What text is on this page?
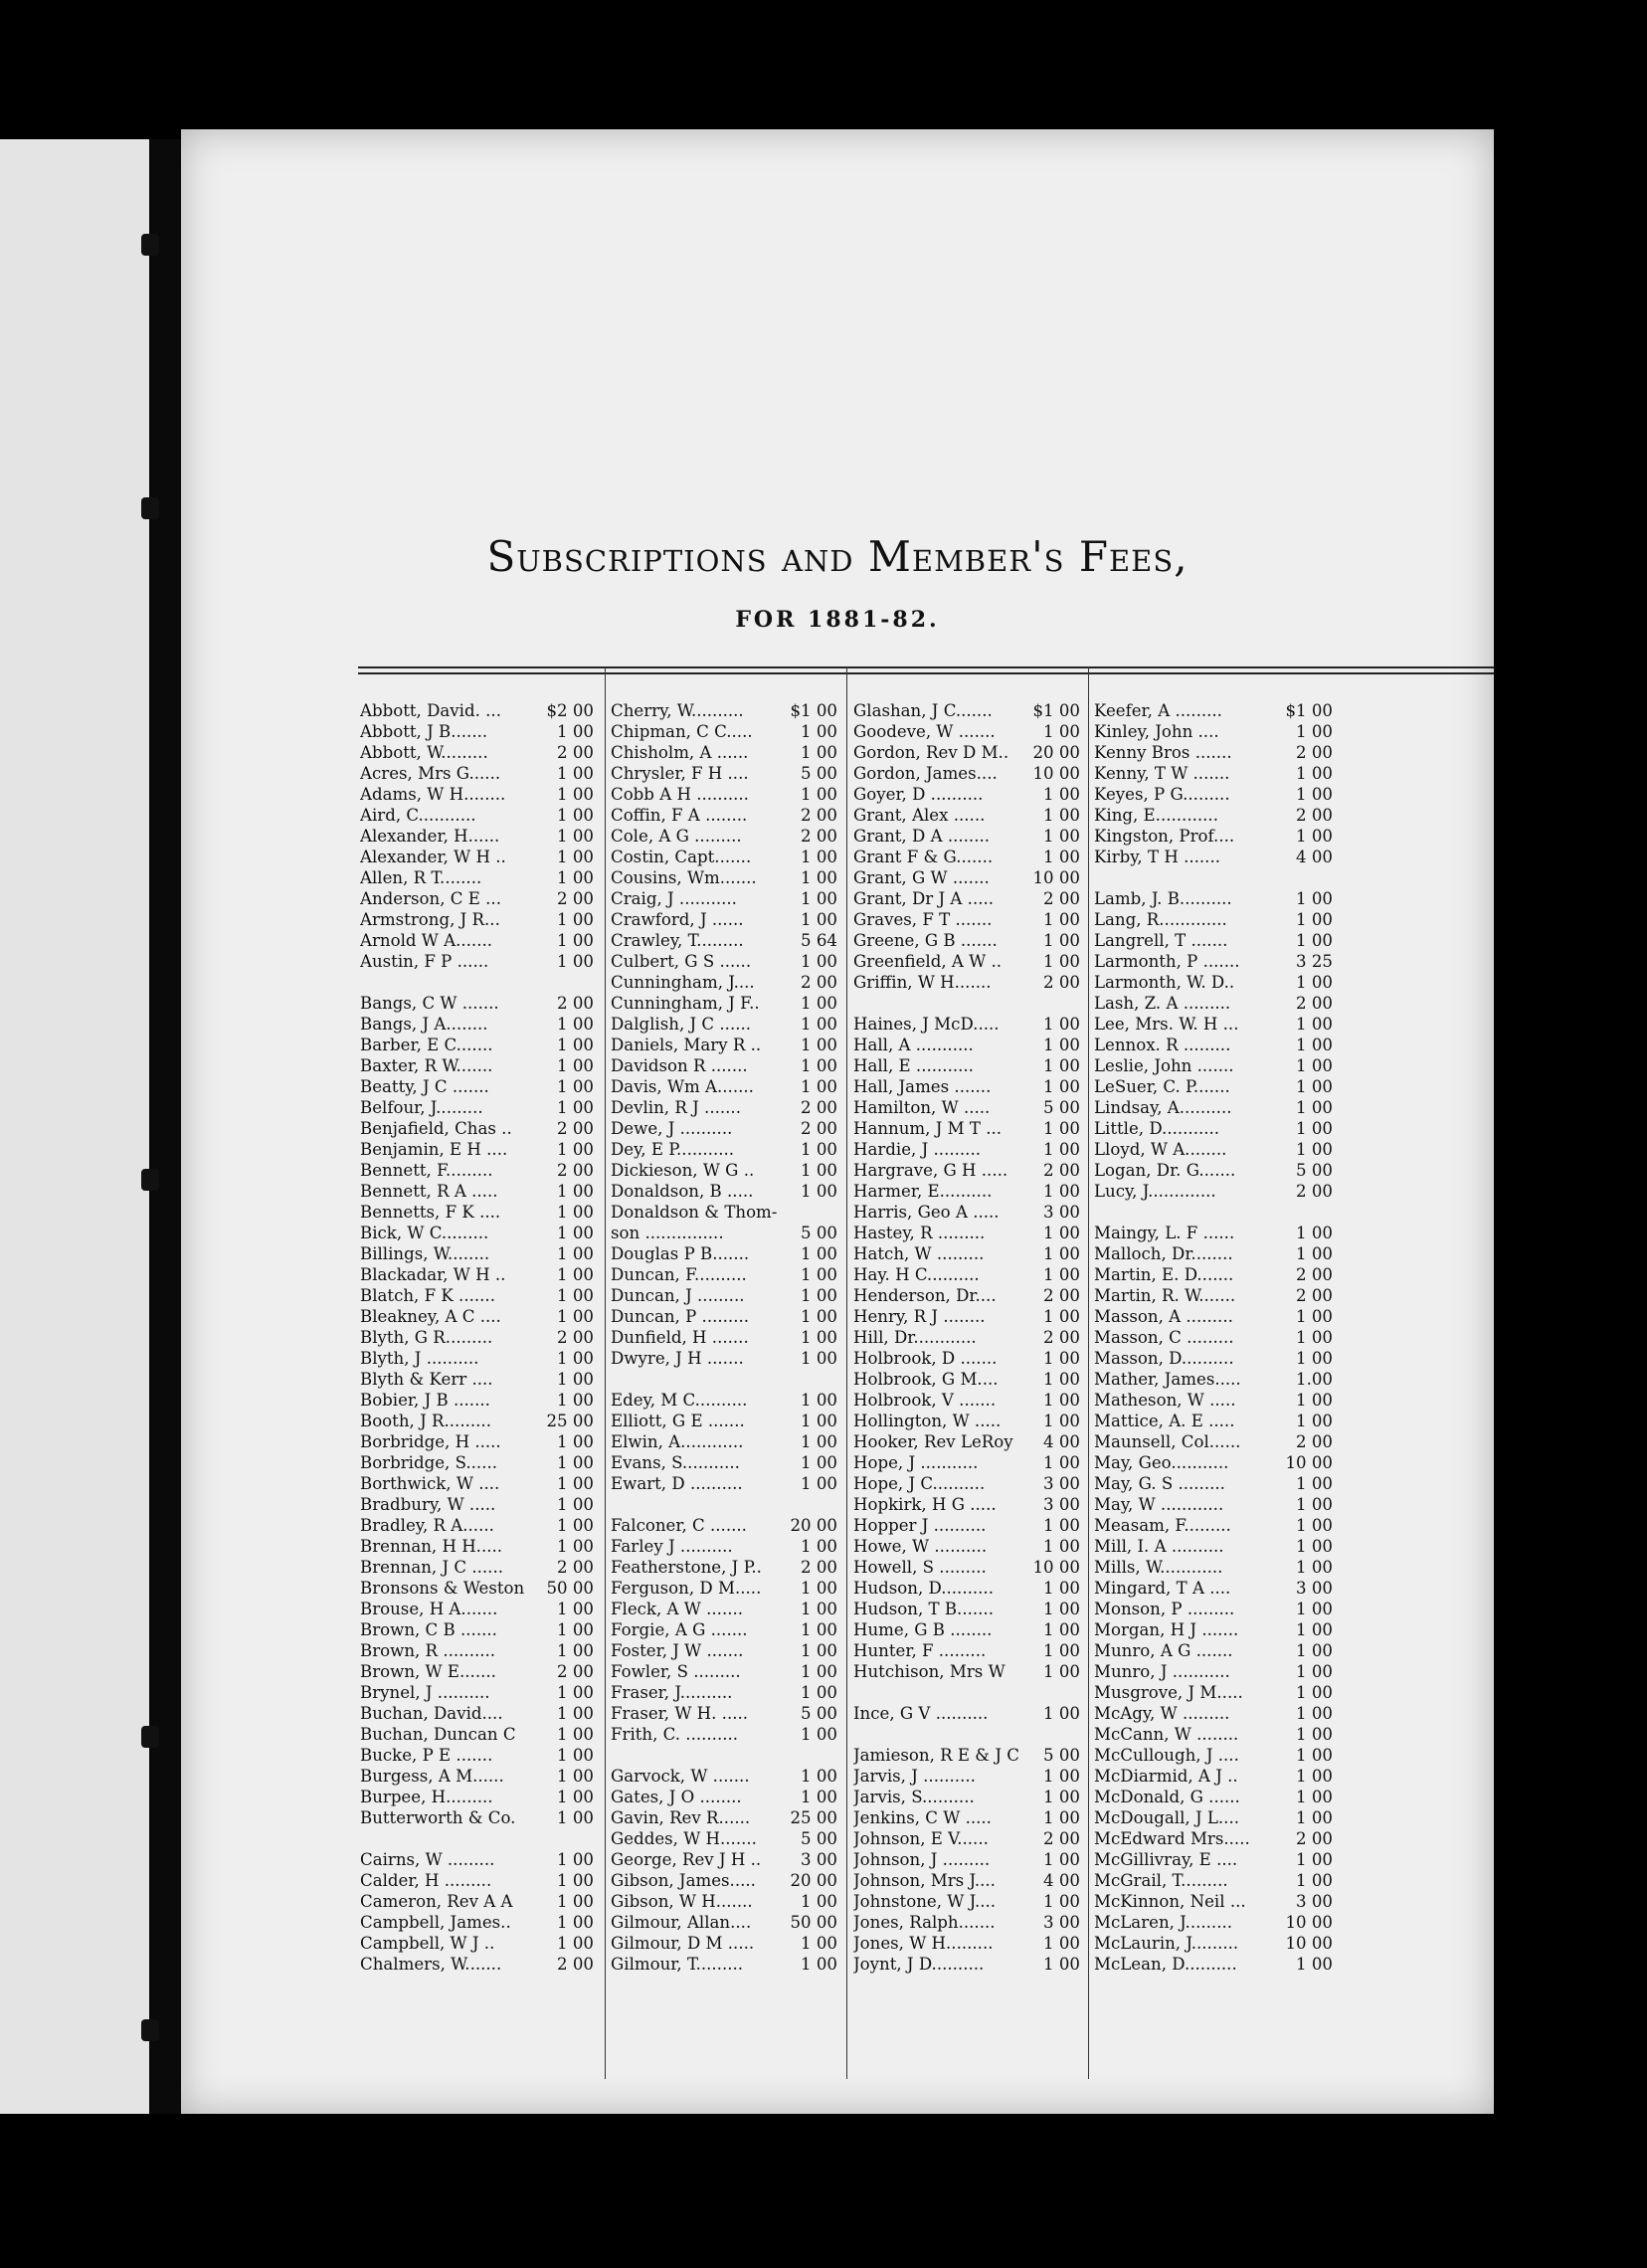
Subscriptions and Member's Fees,
FOR 1881-82.
Abbott, David. ...	$2 00
Abbott, J B.......	1 00
Abbott, W.........	2 00
Acres, Mrs G......	1 00
Adams, W H........	1 00
Aird, C...........	1 00
Alexander, H......	1 00
Alexander, W H ..	1 00
Allen, R T........	1 00
Anderson, C E ...	2 00
Armstrong, J R...	1 00
Arnold W A.......	1 00
Austin, F P ......	1 00
Bangs, C W .......	2 00
Bangs, J A........	1 00
Barber, E C.......	1 00
Baxter, R W.......	1 00
Beatty, J C .......	1 00
Belfour, J.........	1 00
Benjafield, Chas ..	2 00
Benjamin, E H ....	1 00
Bennett, F.........	2 00
Bennett, R A .....	1 00
Bennetts, F K ....	1 00
Bick, W C.........	1 00
Billings, W........	1 00
Blackadar, W H ..	1 00
Blatch, F K .......	1 00
Bleakney, A C ....	1 00
Blyth, G R.........	2 00
Blyth, J ..........	1 00
Blyth & Kerr ....	1 00
Bobier, J B .......	1 00
Booth, J R.........	25 00
Borbridge, H .....	1 00
Borbridge, S......	1 00
Borthwick, W ....	1 00
Bradbury, W .....	1 00
Bradley, R A......	1 00
Brennan, H H.....	1 00
Brennan, J C ......	2 00
Bronsons & Weston	50 00
Brouse, H A.......	1 00
Brown, C B .......	1 00
Brown, R ..........	1 00
Brown, W E.......	2 00
Brynel, J ..........	1 00
Buchan, David....	1 00
Buchan, Duncan C	1 00
Bucke, P E .......	1 00
Burgess, A M......	1 00
Burpee, H.........	1 00
Butterworth & Co.	1 00
Cairns, W .........	1 00
Calder, H .........	1 00
Cameron, Rev A A	1 00
Campbell, James..	1 00
Campbell, W J ..	1 00
Chalmers, W.......	2 00
Cherry, W..........	$1 00
Chipman, C C.....	1 00
Chisholm, A ......	1 00
Chrysler, F H ....	5 00
Cobb A H ..........	1 00
Coffin, F A ........	2 00
Cole, A G .........	2 00
Costin, Capt.......	1 00
Cousins, Wm.......	1 00
Craig, J ...........	1 00
Crawford, J ......	1 00
Crawley, T.........	5 64
Culbert, G S ......	1 00
Cunningham, J....	2 00
Cunningham, J F..	1 00
Dalglish, J C ......	1 00
Daniels, Mary R ..	1 00
Davidson R .......	1 00
Davis, Wm A.......	1 00
Devlin, R J .......	2 00
Dewe, J ..........	2 00
Dey, E P...........	1 00
Dickieson, W G ..	1 00
Donaldson, B .....	1 00
Donaldson & Thom-
son ...............	5 00
Douglas P B.......	1 00
Duncan, F..........	1 00
Duncan, J .........	1 00
Duncan, P .........	1 00
Dunfield, H .......	1 00
Dwyre, J H .......	1 00
Edey, M C..........	1 00
Elliott, G E .......	1 00
Elwin, A............	1 00
Evans, S...........	1 00
Ewart, D ..........	1 00
Falconer, C .......	20 00
Farley J ..........	1 00
Featherstone, J P..	2 00
Ferguson, D M.....	1 00
Fleck, A W .......	1 00
Forgie, A G .......	1 00
Foster, J W .......	1 00
Fowler, S .........	1 00
Fraser, J..........	1 00
Fraser, W H. .....	5 00
Frith, C. ..........	1 00
Garvock, W .......	1 00
Gates, J O ........	1 00
Gavin, Rev R......	25 00
Geddes, W H.......	5 00
George, Rev J H ..	3 00
Gibson, James.....	20 00
Gibson, W H.......	1 00
Gilmour, Allan....	50 00
Gilmour, D M .....	1 00
Gilmour, T.........	1 00
Glashan, J C.......	$1 00
Goodeve, W .......	1 00
Gordon, Rev D M..	20 00
Gordon, James....	10 00
Goyer, D ..........	1 00
Grant, Alex ......	1 00
Grant, D A ........	1 00
Grant F & G.......	1 00
Grant, G W .......	10 00
Grant, Dr J A .....	2 00
Graves, F T .......	1 00
Greene, G B .......	1 00
Greenfield, A W ..	1 00
Griffin, W H.......	2 00
Haines, J McD.....	1 00
Hall, A ...........	1 00
Hall, E ...........	1 00
Hall, James .......	1 00
Hamilton, W .....	5 00
Hannum, J M T ...	1 00
Hardie, J .........	1 00
Hargrave, G H .....	2 00
Harmer, E..........	1 00
Harris, Geo A .....	3 00
Hastey, R .........	1 00
Hatch, W .........	1 00
Hay. H C..........	1 00
Henderson, Dr....	2 00
Henry, R J ........	1 00
Hill, Dr............	2 00
Holbrook, D .......	1 00
Holbrook, G M....	1 00
Holbrook, V .......	1 00
Hollington, W .....	1 00
Hooker, Rev LeRoy	4 00
Hope, J ...........	1 00
Hope, J C..........	3 00
Hopkirk, H G .....	3 00
Hopper J ..........	1 00
Howe, W ..........	1 00
Howell, S .........	10 00
Hudson, D..........	1 00
Hudson, T B.......	1 00
Hume, G B ........	1 00
Hunter, F .........	1 00
Hutchison, Mrs W	1 00
Ince, G V ..........	1 00
Jamieson, R E & J C	5 00
Jarvis, J ..........	1 00
Jarvis, S..........	1 00
Jenkins, C W .....	1 00
Johnson, E V......	2 00
Johnson, J .........	1 00
Johnson, Mrs J....	4 00
Johnstone, W J....	1 00
Jones, Ralph.......	3 00
Jones, W H.........	1 00
Joynt, J D..........	1 00
Keefer, A .........	$1 00
Kinley, John ....	1 00
Kenny Bros .......	2 00
Kenny, T W .......	1 00
Keyes, P G.........	1 00
King, E............	2 00
Kingston, Prof....	1 00
Kirby, T H .......	4 00
Lamb, J. B..........	1 00
Lang, R.............	1 00
Langrell, T .......	1 00
Larmonth, P .......	3 25
Larmonth, W. D..	1 00
Lash, Z. A .........	2 00
Lee, Mrs. W. H ...	1 00
Lennox. R .........	1 00
Leslie, John .......	1 00
LeSuer, C. P.......	1 00
Lindsay, A..........	1 00
Little, D...........	1 00
Lloyd, W A........	1 00
Logan, Dr. G.......	5 00
Lucy, J.............	2 00
Maingy, L. F ......	1 00
Malloch, Dr........	1 00
Martin, E. D.......	2 00
Martin, R. W.......	2 00
Masson, A .........	1 00
Masson, C .........	1 00
Masson, D..........	1 00
Mather, James.....	1.00
Matheson, W .....	1 00
Mattice, A. E .....	1 00
Maunsell, Col......	2 00
May, Geo...........	10 00
May, G. S .........	1 00
May, W ............	1 00
Measam, F.........	1 00
Mill, I. A ..........	1 00
Mills, W............	1 00
Mingard, T A ....	3 00
Monson, P .........	1 00
Morgan, H J .......	1 00
Munro, A G .......	1 00
Munro, J ...........	1 00
Musgrove, J M.....	1 00
McAgy, W .........	1 00
McCann, W ........	1 00
McCullough, J ....	1 00
McDiarmid, A J ..	1 00
McDonald, G ......	1 00
McDougall, J L....	1 00
McEdward Mrs.....	2 00
McGillivray, E ....	1 00
McGrail, T.........	1 00
McKinnon, Neil ...	3 00
McLaren, J.........	10 00
McLaurin, J.........	10 00
McLean, D..........	1 00
